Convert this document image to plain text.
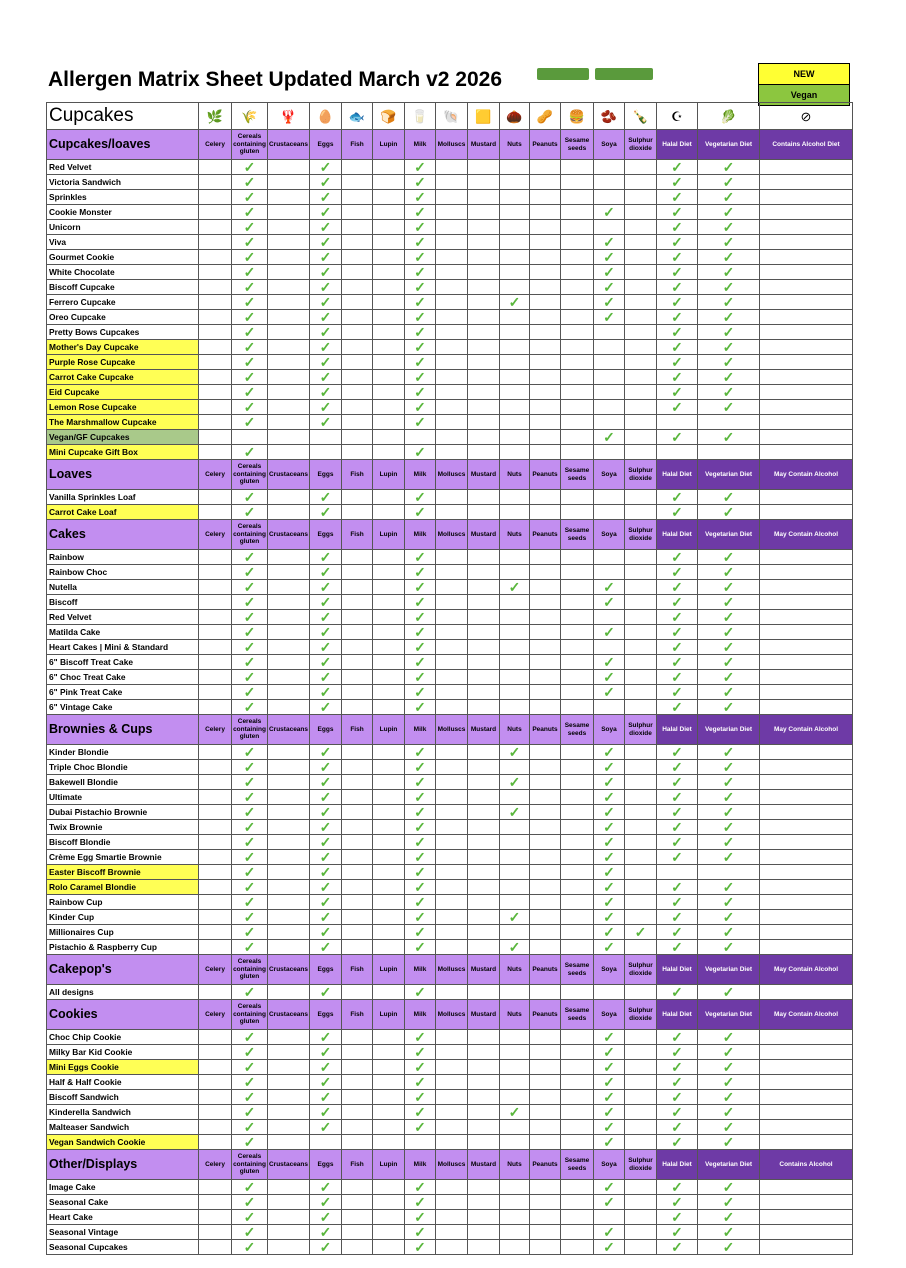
Allergen Matrix Sheet Updated March v2 2026	NEW
Vegan
Cupcakes	🌿	🌾	🦞	🥚	🐟	🍞	🥛	🐚	🟨	🌰	🥜	🍔	🫘	🍾	☪	🥬	⊘
Cupcakes/loaves	Celery	Cereals containing gluten	Crustaceans	Eggs	Fish	Lupin	Milk	Molluscs	Mustard	Nuts	Peanuts	Sesame seeds	Soya	Sulphur dioxide	Halal Diet	Vegetarian Diet	Contains Alcohol Diet
Red Velvet		✓		✓			✓								✓	✓	

Victoria Sandwich		✓		✓			✓								✓	✓	

Sprinkles		✓		✓			✓								✓	✓	

Cookie Monster		✓		✓			✓						✓		✓	✓	

Unicorn		✓		✓			✓								✓	✓	

Viva		✓		✓			✓						✓		✓	✓	

Gourmet Cookie		✓		✓			✓						✓		✓	✓	

White Chocolate		✓		✓			✓						✓		✓	✓	

Biscoff Cupcake		✓		✓			✓						✓		✓	✓	

Ferrero Cupcake		✓		✓			✓			✓			✓		✓	✓	

Oreo Cupcake		✓		✓			✓						✓		✓	✓	

Pretty Bows Cupcakes		✓		✓			✓								✓	✓	

Mother's Day Cupcake		✓		✓			✓								✓	✓	

Purple Rose Cupcake		✓		✓			✓								✓	✓	

Carrot Cake Cupcake		✓		✓			✓								✓	✓	

Eid Cupcake		✓		✓			✓								✓	✓	

Lemon Rose Cupcake		✓		✓			✓								✓	✓	

The Marshmallow Cupcake		✓		✓			✓										

Vegan/GF Cupcakes													✓		✓	✓	

Mini Cupcake Gift Box		✓					✓										

Loaves	Celery	Cereals containing gluten	Crustaceans	Eggs	Fish	Lupin	Milk	Molluscs	Mustard	Nuts	Peanuts	Sesame seeds	Soya	Sulphur dioxide	Halal Diet	Vegetarian Diet	May Contain Alcohol
Vanilla Sprinkles Loaf		✓		✓			✓								✓	✓	

Carrot Cake Loaf		✓		✓			✓								✓	✓	

Cakes	Celery	Cereals containing gluten	Crustaceans	Eggs	Fish	Lupin	Milk	Molluscs	Mustard	Nuts	Peanuts	Sesame seeds	Soya	Sulphur dioxide	Halal Diet	Vegetarian Diet	May Contain Alcohol
Rainbow		✓		✓			✓								✓	✓	

Rainbow Choc		✓		✓			✓								✓	✓	

Nutella		✓		✓			✓			✓			✓		✓	✓	

Biscoff		✓		✓			✓						✓		✓	✓	

Red Velvet		✓		✓			✓								✓	✓	

Matilda Cake		✓		✓			✓						✓		✓	✓	

Heart Cakes | Mini & Standard		✓		✓			✓								✓	✓	

6" Biscoff Treat Cake		✓		✓			✓						✓		✓	✓	

6" Choc Treat Cake		✓		✓			✓						✓		✓	✓	

6" Pink Treat Cake		✓		✓			✓						✓		✓	✓	

6" Vintage Cake		✓		✓			✓								✓	✓	

Brownies & Cups	Celery	Cereals containing gluten	Crustaceans	Eggs	Fish	Lupin	Milk	Molluscs	Mustard	Nuts	Peanuts	Sesame seeds	Soya	Sulphur dioxide	Halal Diet	Vegetarian Diet	May Contain Alcohol
Kinder Blondie		✓		✓			✓			✓			✓		✓	✓	

Triple Choc Blondie		✓		✓			✓						✓		✓	✓	

Bakewell Blondie		✓		✓			✓			✓			✓		✓	✓	

Ultimate		✓		✓			✓						✓		✓	✓	

Dubai Pistachio Brownie		✓		✓			✓			✓			✓		✓	✓	

Twix Brownie		✓		✓			✓						✓		✓	✓	

Biscoff Blondie		✓		✓			✓						✓		✓	✓	

Crème Egg Smartie Brownie		✓		✓			✓						✓		✓	✓	

Easter Biscoff Brownie		✓		✓			✓						✓				

Rolo Caramel Blondie		✓		✓			✓						✓		✓	✓	

Rainbow Cup		✓		✓			✓						✓		✓	✓	

Kinder Cup		✓		✓			✓			✓			✓		✓	✓	

Millionaires Cup		✓		✓			✓						✓	✓	✓	✓	

Pistachio & Raspberry Cup		✓		✓			✓			✓			✓		✓	✓	

Cakepop's	Celery	Cereals containing gluten	Crustaceans	Eggs	Fish	Lupin	Milk	Molluscs	Mustard	Nuts	Peanuts	Sesame seeds	Soya	Sulphur dioxide	Halal Diet	Vegetarian Diet	May Contain Alcohol
All designs		✓		✓			✓								✓	✓	

Cookies	Celery	Cereals containing gluten	Crustaceans	Eggs	Fish	Lupin	Milk	Molluscs	Mustard	Nuts	Peanuts	Sesame seeds	Soya	Sulphur dioxide	Halal Diet	Vegetarian Diet	May Contain Alcohol
Choc Chip Cookie		✓		✓			✓						✓		✓	✓	

Milky Bar Kid Cookie		✓		✓			✓						✓		✓	✓	

Mini Eggs Cookie		✓		✓			✓						✓		✓	✓	

Half & Half Cookie		✓		✓			✓						✓		✓	✓	

Biscoff Sandwich		✓		✓			✓						✓		✓	✓	

Kinderella Sandwich		✓		✓			✓			✓			✓		✓	✓	

Malteaser Sandwich		✓		✓			✓						✓		✓	✓	

Vegan Sandwich Cookie		✓											✓		✓	✓	

Other/Displays	Celery	Cereals containing gluten	Crustaceans	Eggs	Fish	Lupin	Milk	Molluscs	Mustard	Nuts	Peanuts	Sesame seeds	Soya	Sulphur dioxide	Halal Diet	Vegetarian Diet	Contains Alcohol
Image Cake		✓		✓			✓						✓		✓	✓	

Seasonal Cake		✓		✓			✓						✓		✓	✓	

Heart Cake		✓		✓			✓								✓	✓	

Seasonal Vintage		✓		✓			✓						✓		✓	✓	

Seasonal Cupcakes		✓		✓			✓						✓		✓	✓	
